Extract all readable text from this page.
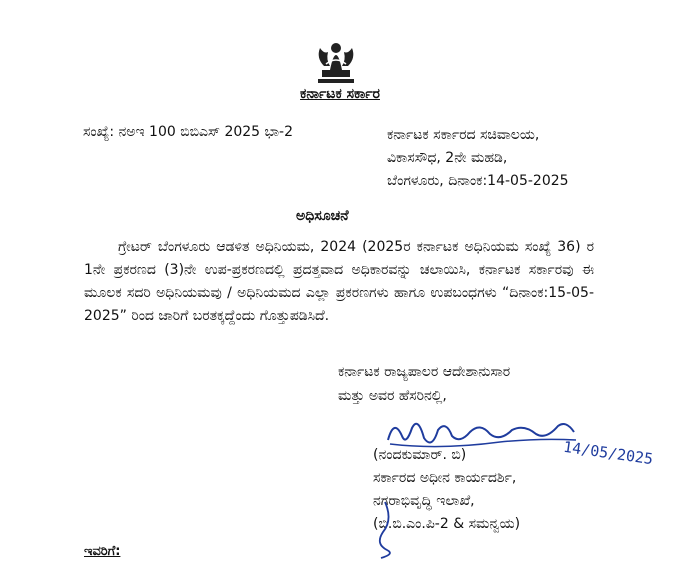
ಕರ್ನಾಟಕ ಸರ್ಕಾರ
ಸಂಖ್ಯೆ: ನಅಇ 100 ಬಿಬಿಎಸ್ 2025 ಭಾ-2	ಕರ್ನಾಟಕ ಸರ್ಕಾರದ ಸಚಿವಾಲಯ,
ವಿಕಾಸಸೌಧ, 2ನೇ ಮಹಡಿ,
ಬೆಂಗಳೂರು, ದಿನಾಂಕ:14-05-2025
ಅಧಿಸೂಚನೆ

ಗ್ರೇಟರ್ ಬೆಂಗಳೂರು ಆಡಳಿತ ಅಧಿನಿಯಮ, 2024 (2025ರ ಕರ್ನಾಟಕ ಅಧಿನಿಯಮ ಸಂಖ್ಯೆ 36) ರ 1ನೇ ಪ್ರಕರಣದ (3)ನೇ ಉಪ-ಪ್ರಕರಣದಲ್ಲಿ ಪ್ರದತ್ತವಾದ ಅಧಿಕಾರವನ್ನು ಚಲಾಯಿಸಿ, ಕರ್ನಾಟಕ ಸರ್ಕಾರವು ಈ ಮೂಲಕ ಸದರಿ ಅಧಿನಿಯಮವು / ಅಧಿನಿಯಮದ ಎಲ್ಲಾ ಪ್ರಕರಣಗಳು ಹಾಗೂ ಉಪಬಂಧಗಳು “ದಿನಾಂಕ:15-05-2025” ರಿಂದ ಜಾರಿಗೆ ಬರತಕ್ಕದ್ದೆಂದು ಗೊತ್ತುಪಡಿಸಿದೆ.

ಕರ್ನಾಟಕ ರಾಜ್ಯಪಾಲರ ಆದೇಶಾನುಸಾರ
ಮತ್ತು ಅವರ ಹೆಸರಿನಲ್ಲಿ,
14/05/2025
(ನಂದಕುಮಾರ್. ಬಿ)
ಸರ್ಕಾರದ ಅಧೀನ ಕಾರ್ಯದರ್ಶಿ,
ನಗರಾಭಿವೃದ್ಧಿ ಇಲಾಖೆ,
(ಬಿ.ಬಿ.ಎಂ.ಪಿ-2 & ಸಮನ್ವಯ)
ಇವರಿಗೆ:
